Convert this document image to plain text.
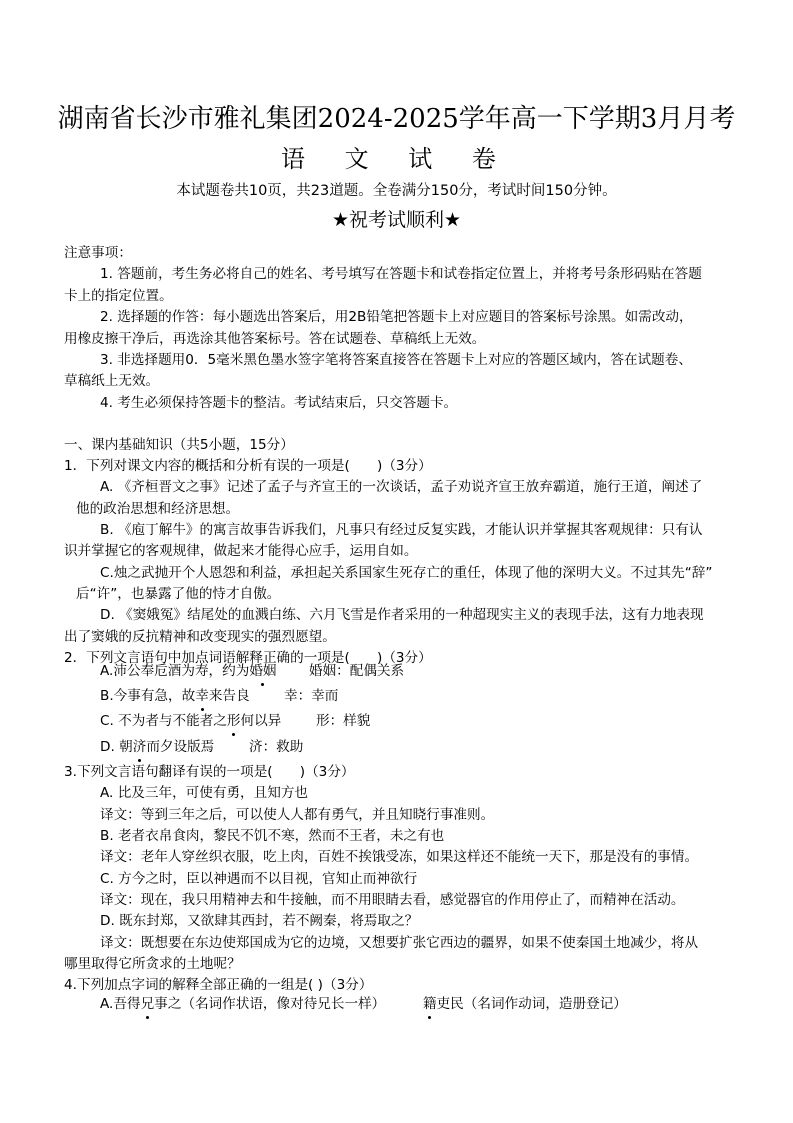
湖南省长沙市雅礼集团2024-2025学年高一下学期3月月考
语 文 试 卷
本试题卷共10页，共23道题。全卷满分150分，考试时间150分钟。
★祝考试顺利★
注意事项：
1. 答题前，考生务必将自己的姓名、考号填写在答题卡和试卷指定位置上，并将考号条形码贴在答题
卡上的指定位置。
2. 选择题的作答：每小题选出答案后，用2B铅笔把答题卡上对应题目的答案标号涂黑。如需改动，
用橡皮擦干净后，再选涂其他答案标号。答在试题卷、草稿纸上无效。
3. 非选择题用0．5毫米黑色墨水签字笔将答案直接答在答题卡上对应的答题区域内，答在试题卷、
草稿纸上无效。
4. 考生必须保持答题卡的整洁。考试结束后，只交答题卡。
一、课内基础知识（共5小题，15分）
1．下列对课文内容的概括和分析有误的一项是(　　)（3分）
A. 《齐桓晋文之事》记述了孟子与齐宣王的一次谈话，孟子劝说齐宣王放弃霸道，施行王道，阐述了
他的政治思想和经济思想。
B. 《庖丁解牛》的寓言故事告诉我们，凡事只有经过反复实践，才能认识并掌握其客观规律：只有认
识并掌握它的客观规律，做起来才能得心应手，运用自如。
C.烛之武抛开个人恩怨和利益，承担起关系国家生死存亡的重任，体现了他的深明大义。不过其先“辞”
后“许”，也暴露了他的恃才自傲。
D. 《窦娥冤》结尾处的血溅白练、六月飞雪是作者采用的一种超现实主义的表现手法，这有力地表现
出了窦娥的反抗精神和改变现实的强烈愿望。
2．下列文言语句中加点词语解释正确的一项是(　　)（3分）
A.沛公奉卮酒为寿，约为婚姻 婚姻：配偶关系
B.今事有急，故幸来告良	幸：幸而
C. 不为者与不能者之形何以异	形：样貌
D. 朝济而夕设版焉	济：救助
3.下列文言语句翻译有误的一项是(　　)（3分）
A. 比及三年，可使有勇，且知方也
译文：等到三年之后，可以使人人都有勇气，并且知晓行事准则。
B. 老者衣帛食肉，黎民不饥不寒，然而不王者，未之有也
译文：老年人穿丝织衣服，吃上肉，百姓不挨饿受冻，如果这样还不能统一天下，那是没有的事情。
C. 方今之时，臣以神遇而不以目视，官知止而神欲行
译文：现在，我只用精神去和牛接触，而不用眼睛去看，感觉器官的作用停止了，而精神在活动。
D. 既东封郑，又欲肆其西封，若不阙秦，将焉取之？
译文：既想要在东边使郑国成为它的边境，又想要扩张它西边的疆界，如果不使秦国土地减少，将从
哪里取得它所贪求的土地呢？
4.下列加点字词的解释全部正确的一组是( )（3分）
A.吾得兄事之（名词作状语，像对待兄长一样）	籍吏民（名词作动词，造册登记）
